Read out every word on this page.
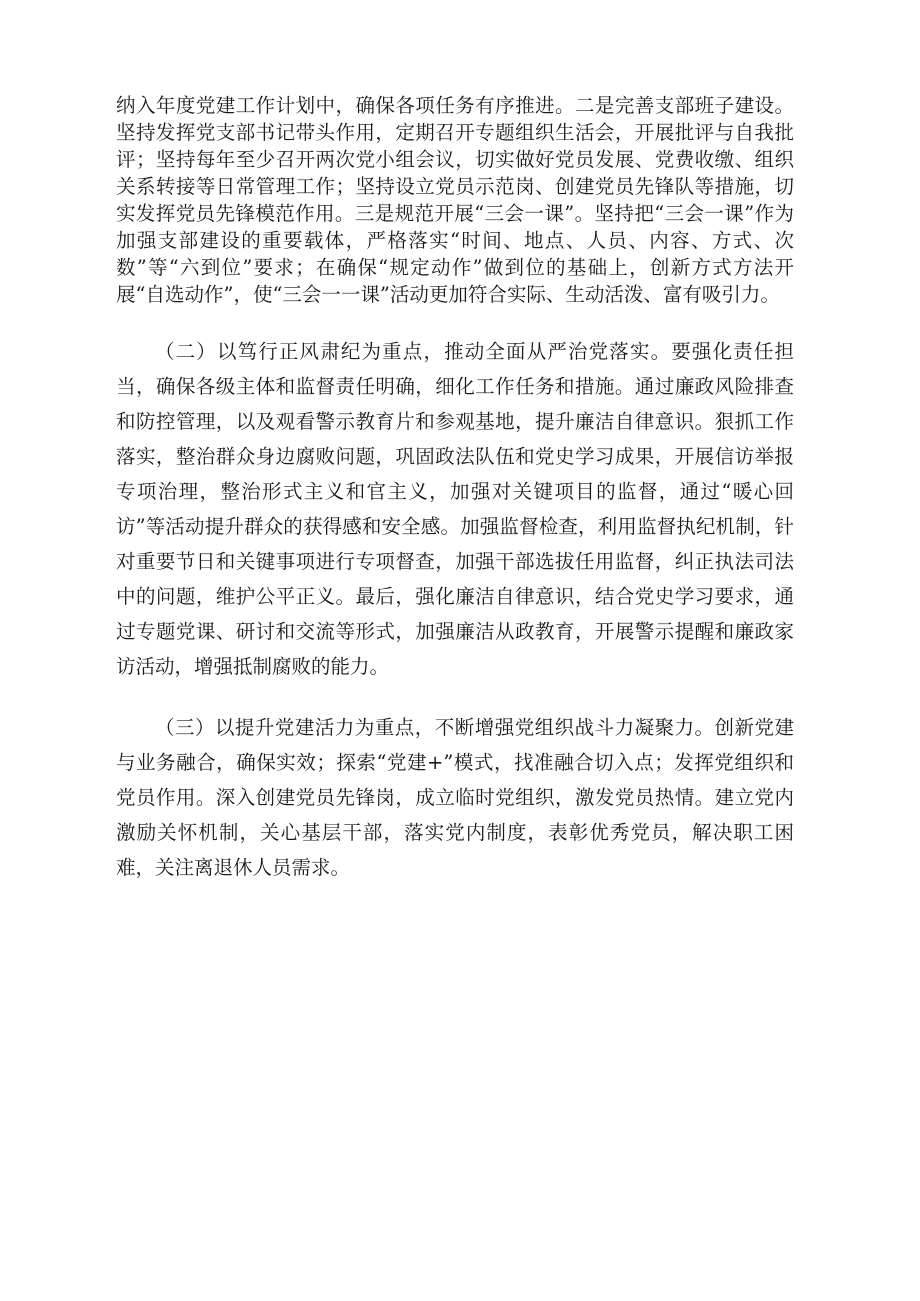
纳入年度党建工作计划中，确保各项任务有序推进。二是完善支部班子建设。坚持发挥党支部书记带头作用，定期召开专题组织生活会，开展批评与自我批评；坚持每年至少召开两次党小组会议，切实做好党员发展、党费收缴、组织关系转接等日常管理工作；坚持设立党员示范岗、创建党员先锋队等措施，切实发挥党员先锋模范作用。三是规范开展“三会一课”。坚持把“三会一课”作为加强支部建设的重要载体，严格落实“时间、地点、人员、内容、方式、次数”等“六到位”要求；在确保“规定动作”做到位的基础上，创新方式方法开展“自选动作”，使“三会一一课”活动更加符合实际、生动活泼、富有吸引力。

（二）以笃行正风肃纪为重点，推动全面从严治党落实。要强化责任担当，确保各级主体和监督责任明确，细化工作任务和措施。通过廉政风险排查和防控管理，以及观看警示教育片和参观基地，提升廉洁自律意识。狠抓工作落实，整治群众身边腐败问题，巩固政法队伍和党史学习成果，开展信访举报专项治理，整治形式主义和官主义，加强对关键项目的监督，通过“暖心回访”等活动提升群众的获得感和安全感。加强监督检查，利用监督执纪机制，针对重要节日和关键事项进行专项督查，加强干部选拔任用监督，纠正执法司法中的问题，维护公平正义。最后，强化廉洁自律意识，结合党史学习要求，通过专题党课、研讨和交流等形式，加强廉洁从政教育，开展警示提醒和廉政家访活动，增强抵制腐败的能力。

（三）以提升党建活力为重点，不断增强党组织战斗力凝聚力。创新党建与业务融合，确保实效；探索“党建+”模式，找准融合切入点；发挥党组织和党员作用。深入创建党员先锋岗，成立临时党组织，激发党员热情。建立党内激励关怀机制，关心基层干部，落实党内制度，表彰优秀党员，解决职工困难，关注离退休人员需求。
